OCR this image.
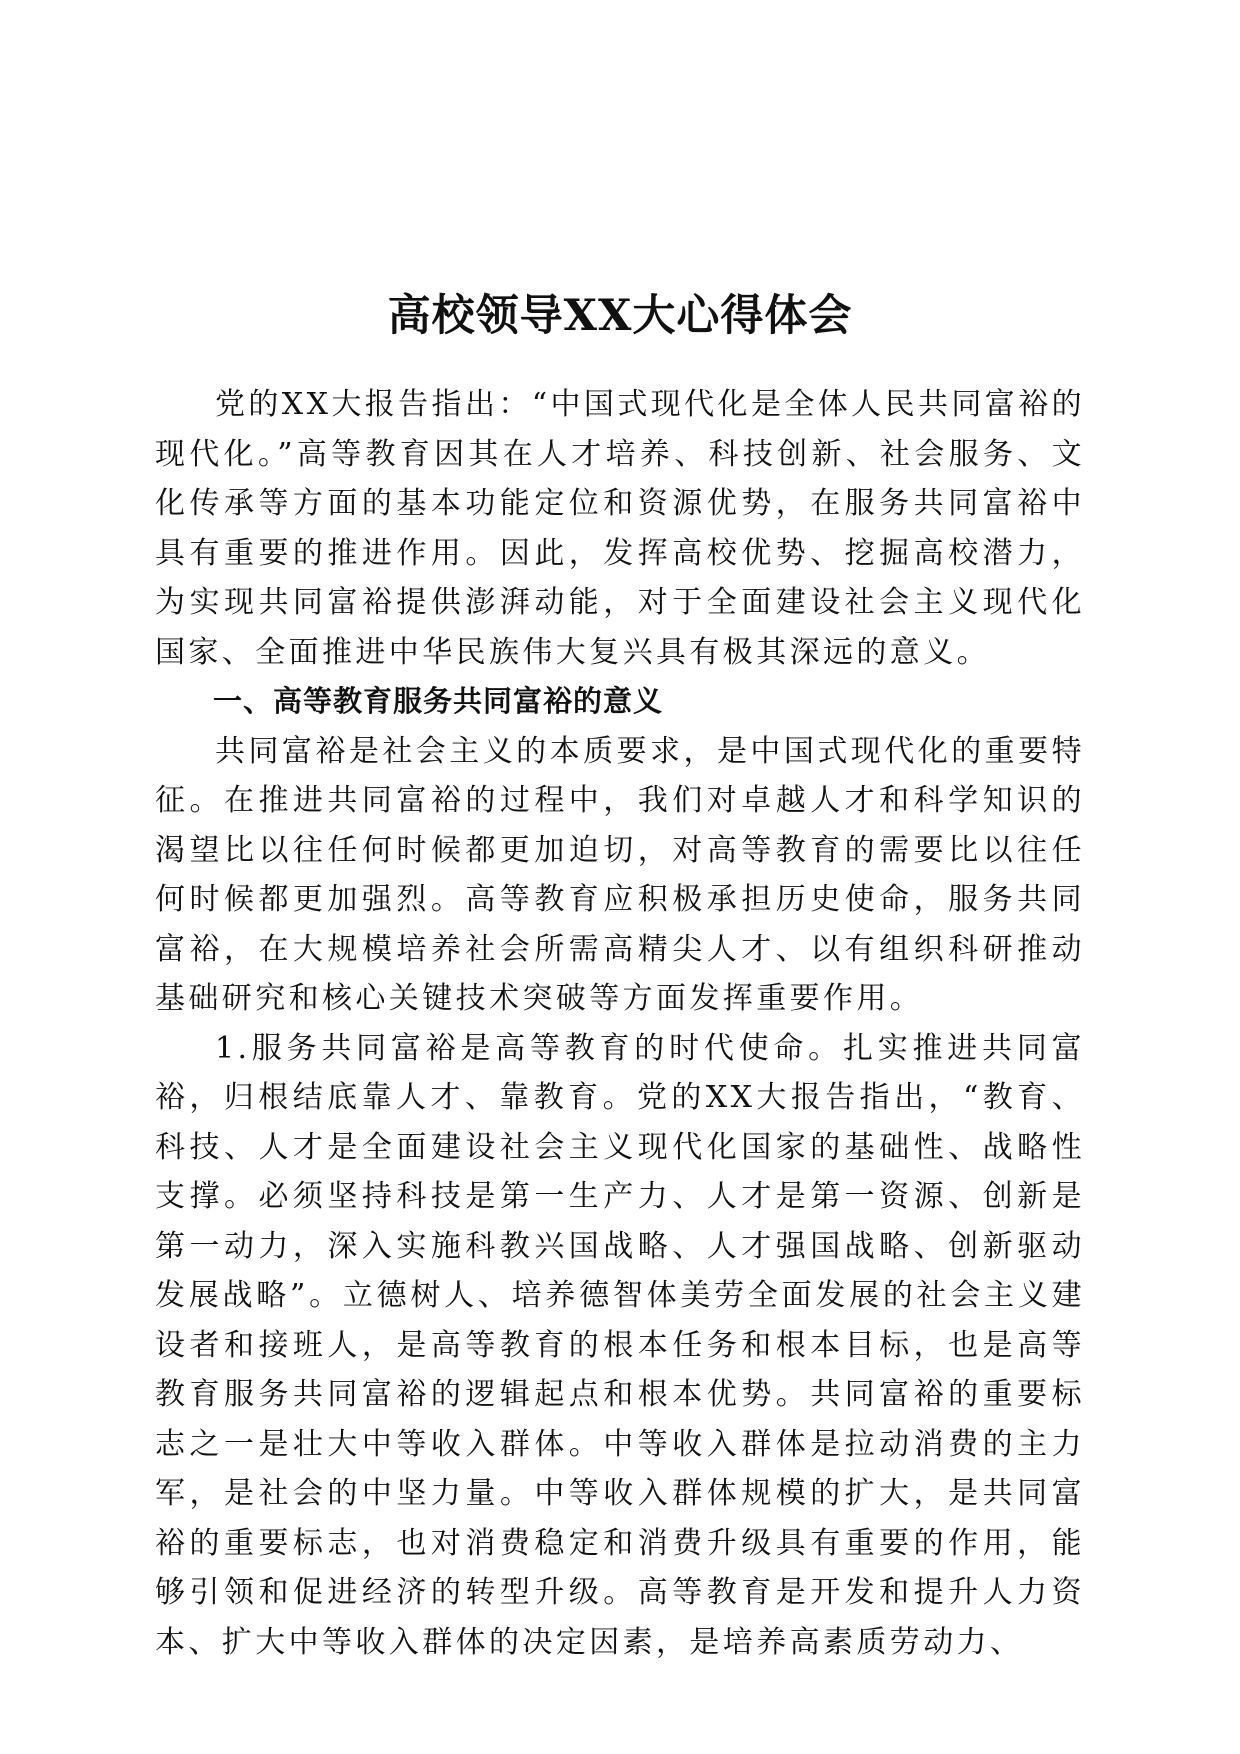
高校领导XX大心得体会

党的XX大报告指出：“中国式现代化是全体人民共同富裕的现代化。”高等教育因其在人才培养、科技创新、社会服务、文化传承等方面的基本功能定位和资源优势，在服务共同富裕中具有重要的推进作用。因此，发挥高校优势、挖掘高校潜力，为实现共同富裕提供澎湃动能，对于全面建设社会主义现代化国家、全面推进中华民族伟大复兴具有极其深远的意义。

一、高等教育服务共同富裕的意义

共同富裕是社会主义的本质要求，是中国式现代化的重要特征。在推进共同富裕的过程中，我们对卓越人才和科学知识的渴望比以往任何时候都更加迫切，对高等教育的需要比以往任何时候都更加强烈。高等教育应积极承担历史使命，服务共同富裕，在大规模培养社会所需高精尖人才、以有组织科研推动基础研究和核心关键技术突破等方面发挥重要作用。

1.服务共同富裕是高等教育的时代使命。扎实推进共同富裕，归根结底靠人才、靠教育。党的XX大报告指出，“教育、科技、人才是全面建设社会主义现代化国家的基础性、战略性支撑。必须坚持科技是第一生产力、人才是第一资源、创新是第一动力，深入实施科教兴国战略、人才强国战略、创新驱动发展战略”。立德树人、培养德智体美劳全面发展的社会主义建设者和接班人，是高等教育的根本任务和根本目标，也是高等教育服务共同富裕的逻辑起点和根本优势。共同富裕的重要标志之一是壮大中等收入群体。中等收入群体是拉动消费的主力军，是社会的中坚力量。中等收入群体规模的扩大，是共同富裕的重要标志，也对消费稳定和消费升级具有重要的作用，能够引领和促进经济的转型升级。高等教育是开发和提升人力资本、扩大中等收入群体的决定因素，是培养高素质劳动力、
